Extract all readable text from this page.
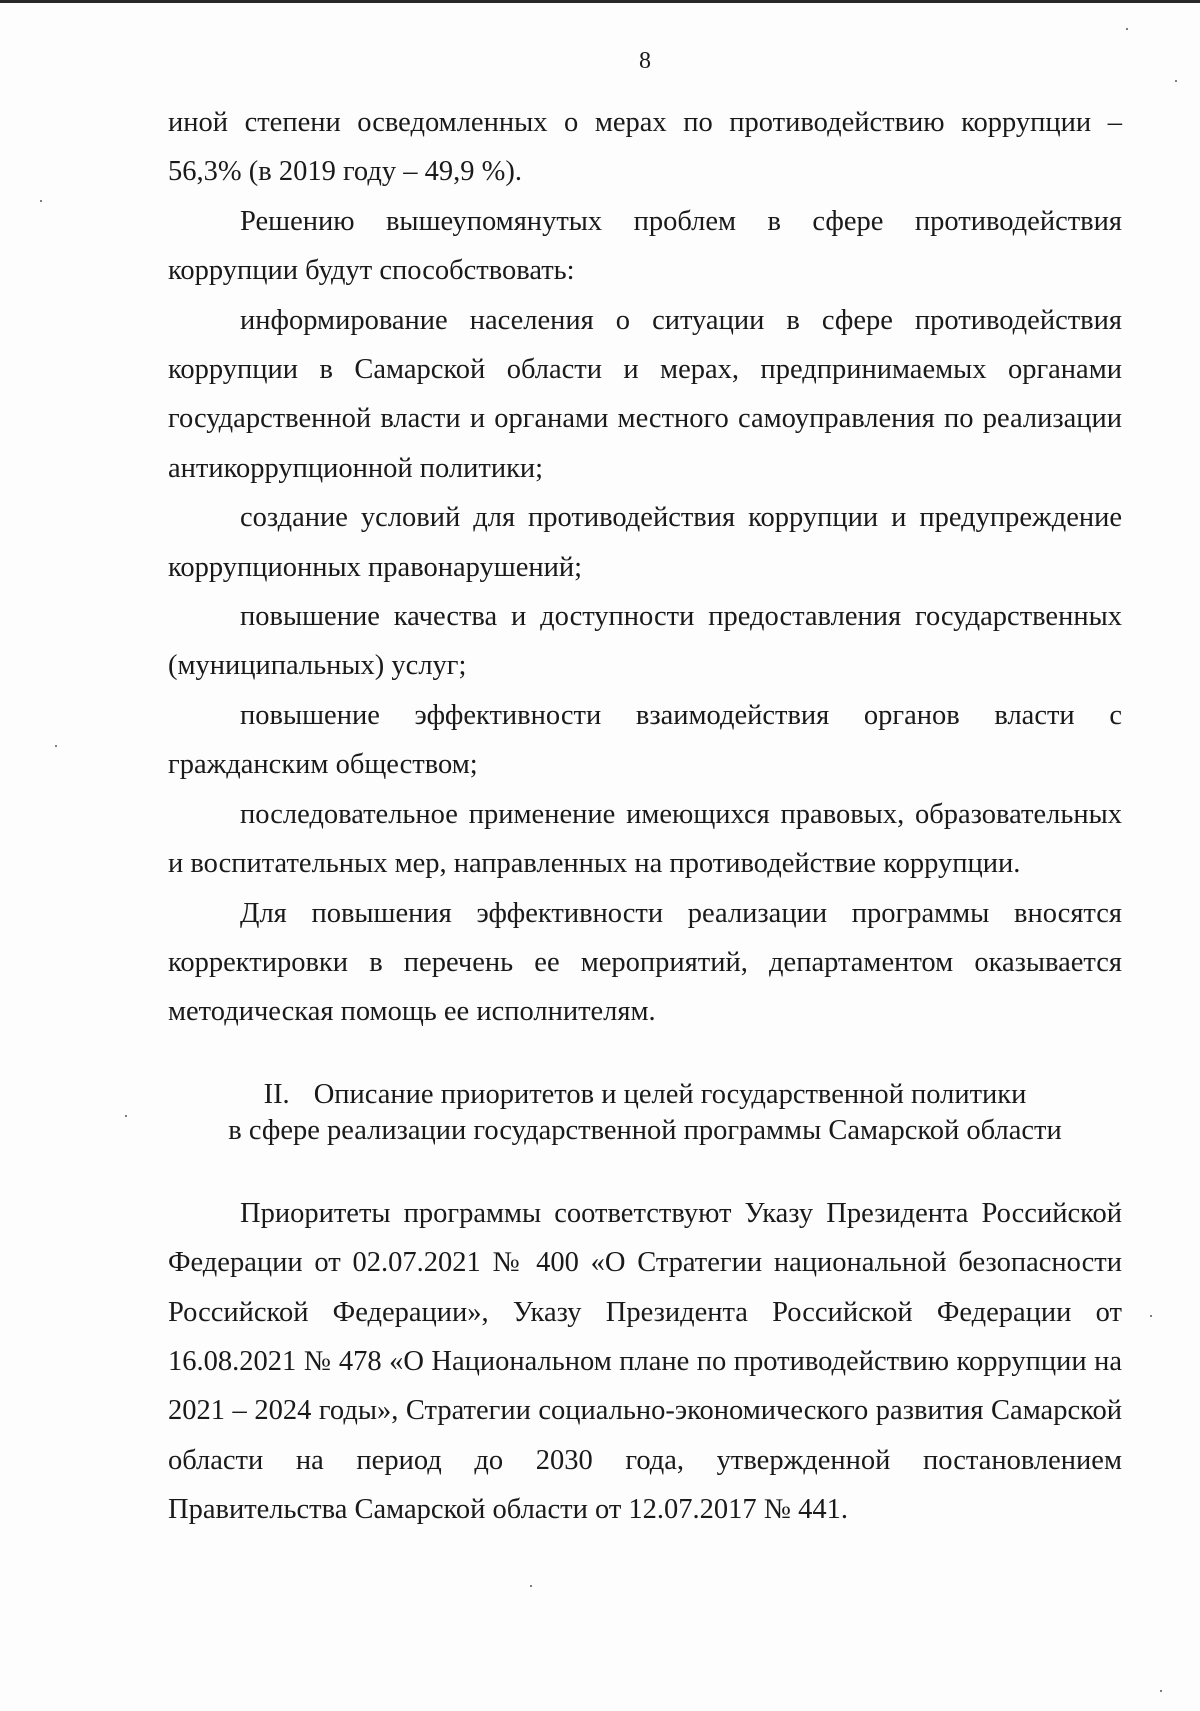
8

иной степени осведомленных о мерах по противодействию коррупции – 56,3% (в 2019 году – 49,9 %).

Решению вышеупомянутых проблем в сфере противодействия коррупции будут способствовать:

информирование населения о ситуации в сфере противодействия коррупции в Самарской области и мерах, предпринимаемых органами государственной власти и органами местного самоуправления по реализации антикоррупционной политики;

создание условий для противодействия коррупции и предупреждение коррупционных правонарушений;

повышение качества и доступности предоставления государственных (муниципальных) услуг;

повышение эффективности взаимодействия органов власти с гражданским обществом;

последовательное применение имеющихся правовых, образовательных и воспитательных мер, направленных на противодействие коррупции.

Для повышения эффективности реализации программы вносятся корректировки в перечень ее мероприятий, департаментом оказывается методическая помощь ее исполнителям.

II. Описание приоритетов и целей государственной политики
в сфере реализации государственной программы Самарской области

Приоритеты программы соответствуют Указу Президента Российской Федерации от 02.07.2021 № 400 «О Стратегии национальной безопасности Российской Федерации», Указу Президента Российской Федерации от 16.08.2021 № 478 «О Национальном плане по противодействию коррупции на 2021 – 2024 годы», Стратегии социально-экономического развития Самарской области на период до 2030 года, утвержденной постановлением Правительства Самарской области от 12.07.2017 № 441.
